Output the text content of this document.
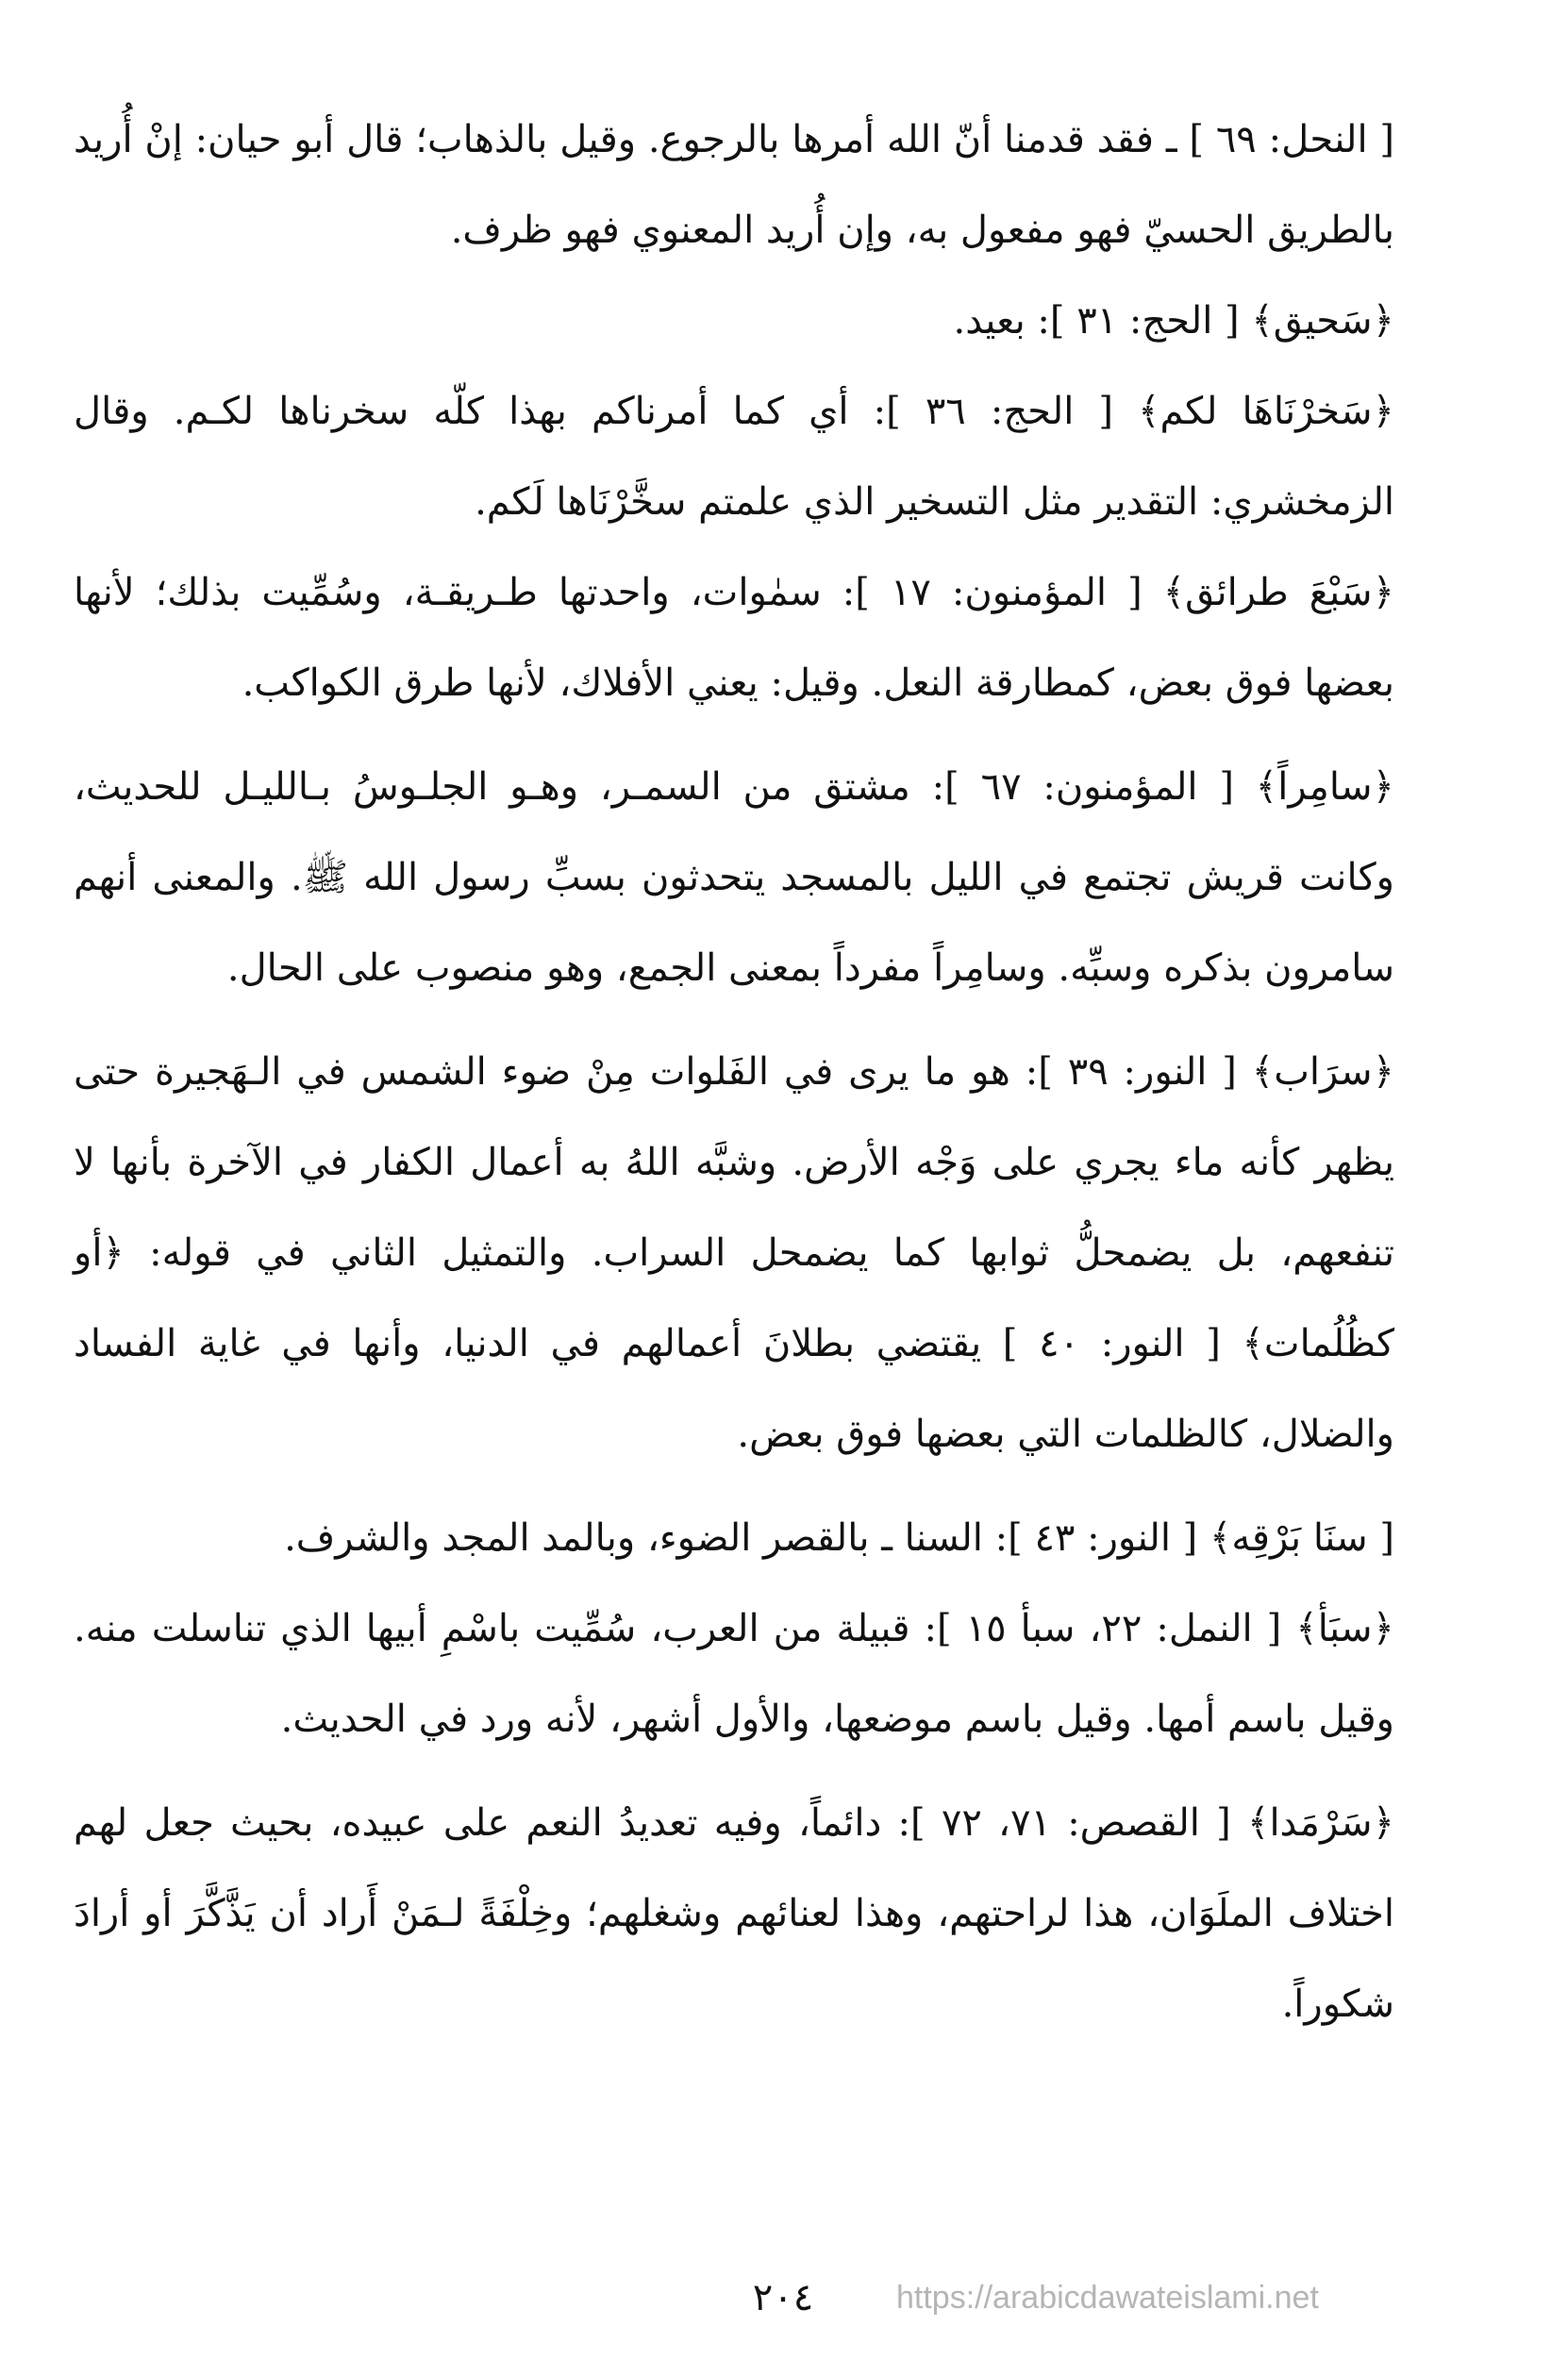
[ النحل: ٦٩ ] ـ فقد قدمنا أنّ الله أمرها بالرجوع. وقيل بالذهاب؛ قال أبو حيان: إنْ أُريد بالطريق الحسيّ فهو مفعول به، وإن أُريد المعنوي فهو ظرف.

﴿سَحيق﴾ [ الحج: ٣١ ]: بعيد.

﴿سَخرْنَاهَا لكم﴾ [ الحج: ٣٦ ]: أي كما أمرناكم بهذا كلّه سخرناها لكـم. وقال الزمخشري: التقدير مثل التسخير الذي علمتم سخَّرْنَاها لَكم.

﴿سَبْعَ طرائق﴾ [ المؤمنون: ١٧ ]: سمٰوات، واحدتها طـريقـة، وسُمِّيت بذلك؛ لأنها بعضها فوق بعض، كمطارقة النعل. وقيل: يعني الأفلاك، لأنها طرق الكواكب.

﴿سامِراً﴾ [ المؤمنون: ٦٧ ]: مشتق من السمـر، وهـو الجلـوسُ بـالليـل للحديث، وكانت قريش تجتمع في الليل بالمسجد يتحدثون بسبِّ رسول الله ﷺ. والمعنى أنهم سامرون بذكره وسبِّه. وسامِراً مفرداً بمعنى الجمع، وهو منصوب على الحال.

﴿سرَاب﴾ [ النور: ٣٩ ]: هو ما يرى في الفَلوات مِنْ ضوء الشمس في الـهَجيرة حتى يظهر كأنه ماء يجري على وَجْه الأرض. وشبَّه اللهُ به أعمال الكفار في الآخرة بأنها لا تنفعهم، بل يضمحلُّ ثوابها كما يضمحل السراب. والتمثيل الثاني في قوله: ﴿أو كظُلُمات﴾ [ النور: ٤٠ ] يقتضي بطلانَ أعمالهم في الدنيا، وأنها في غاية الفساد والضلال، كالظلمات التي بعضها فوق بعض.

[ سنَا بَرْقِه﴾ [ النور: ٤٣ ]: السنا ـ بالقصر الضوء، وبالمد المجد والشرف.

﴿سبَأ﴾ [ النمل: ٢٢، سبأ ١٥ ]: قبيلة من العرب، سُمِّيت باسْمِ أبيها الذي تناسلت منه. وقيل باسم أمها. وقيل باسم موضعها، والأول أشهر، لأنه ورد في الحديث.

﴿سَرْمَدا﴾ [ القصص: ٧١، ٧٢ ]: دائماً، وفيه تعديدُ النعم على عبيده، بحيث جعل لهم اختلاف الملَوَان، هذا لراحتهم، وهذا لعنائهم وشغلهم؛ وخِلْفَةً لـمَنْ أَراد أن يَذَّكَّرَ أو أرادَ شكوراً.

٢٠٤	https://arabicdawateislami.net
